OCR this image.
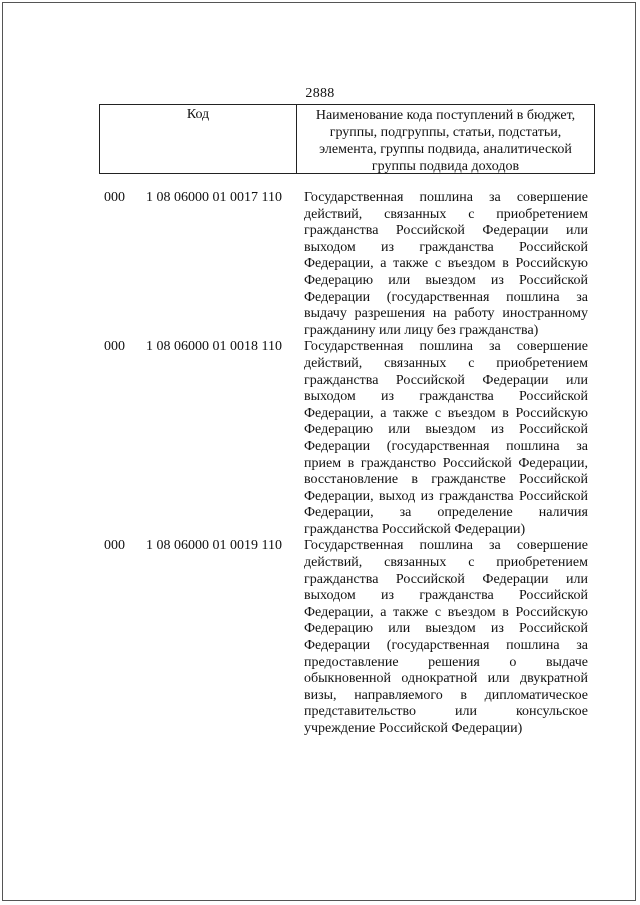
2888
Код	Наименование кода поступлений в бюджет, группы, подгруппы, статьи, подстатьи, элемента, группы подвида, аналитической группы подвида доходов
000	1 08 06000 01 0017 110	Государственная пошлина за совершение действий, связанных с приобретением гражданства Российской Федерации или выходом из гражданства Российской Федерации, а также с въездом в Российскую Федерацию или выездом из Российской Федерации (государственная пошлина за выдачу разрешения на работу иностранному гражданину или лицу без гражданства)
000	1 08 06000 01 0018 110	Государственная пошлина за совершение действий, связанных с приобретением гражданства Российской Федерации или выходом из гражданства Российской Федерации, а также с въездом в Российскую Федерацию или выездом из Российской Федерации (государственная пошлина за прием в гражданство Российской Федерации, восстановление в гражданстве Российской Федерации, выход из гражданства Российской Федерации, за определение наличия гражданства Российской Федерации)
000	1 08 06000 01 0019 110	Государственная пошлина за совершение действий, связанных с приобретением гражданства Российской Федерации или выходом из гражданства Российской Федерации, а также с въездом в Российскую Федерацию или выездом из Российской Федерации (государственная пошлина за предоставление решения о выдаче обыкновенной однократной или двукратной визы, направляемого в дипломатическое представительство или консульское учреждение Российской Федерации)
